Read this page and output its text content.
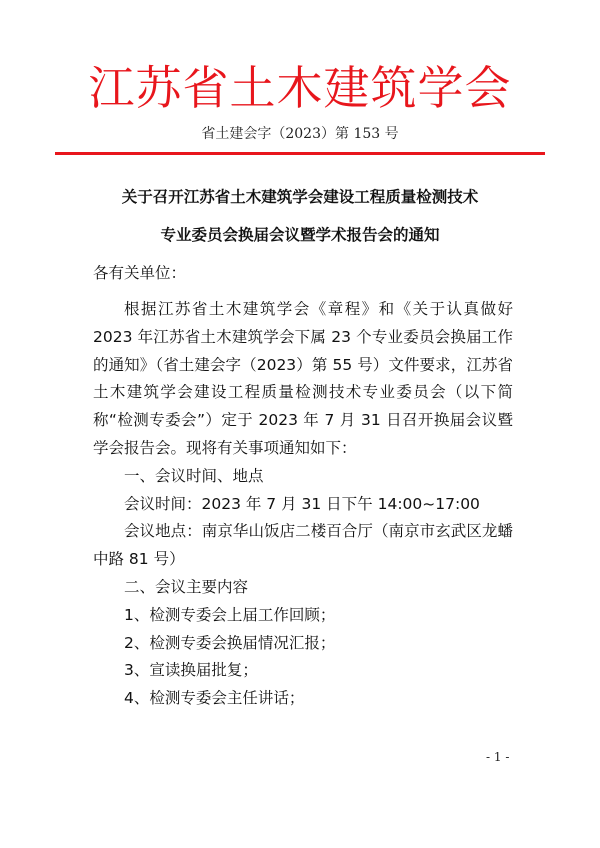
江苏省土木建筑学会
省土建会字（2023）第 153 号
关于召开江苏省土木建筑学会建设工程质量检测技术
专业委员会换届会议暨学术报告会的通知
各有关单位：

根据江苏省土木建筑学会《章程》和《关于认真做好 2023 年江苏省土木建筑学会下属 23 个专业委员会换届工作的通知》（省土建会字（2023）第 55 号）文件要求，江苏省土木建筑学会建设工程质量检测技术专业委员会（以下简称“检测专委会”）定于 2023 年 7 月 31 日召开换届会议暨学会报告会。现将有关事项通知如下：

一、会议时间、地点

会议时间：2023 年 7 月 31 日下午 14:00~17:00

会议地点：南京华山饭店二楼百合厅（南京市玄武区龙蟠中路 81 号）

二、会议主要内容

1、检测专委会上届工作回顾；

2、检测专委会换届情况汇报；

3、宣读换届批复；

4、检测专委会主任讲话；

- 1 -
